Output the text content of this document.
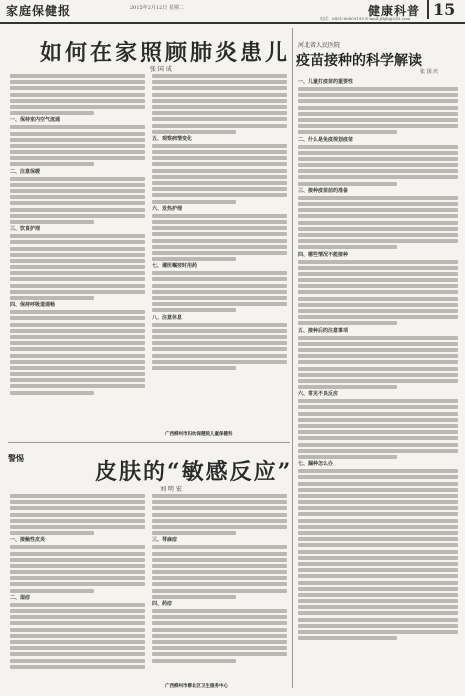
家庭保健报	2015年2月12日 星期二	健康科普 15
电话：0451-86809195 E-mail:jtbjb@163.com
如何在家照顾肺炎患儿
张 国 成
一、保持室内空气流通
二、注意保暖
三、饮食护理
四、保持呼吸道通畅
五、观察病情变化
六、发热护理
七、遵医嘱按时用药
八、注意休息
广西柳州市妇幼保健院儿童保健科
警惕
皮肤的“敏感反应”
刘 明 宏
一、接触性皮炎
二、湿疹
三、荨麻疹
四、药疹
广西柳州市柳北区卫生服务中心
河北省人民医院
疫苗接种的科学解读
张 国 庆
一、儿童打疫苗的重要性
二、什么是免疫规划疫苗
三、接种疫苗前的准备
四、哪些情况不能接种
五、接种后的注意事项
六、常见不良反应
七、漏种怎么办
